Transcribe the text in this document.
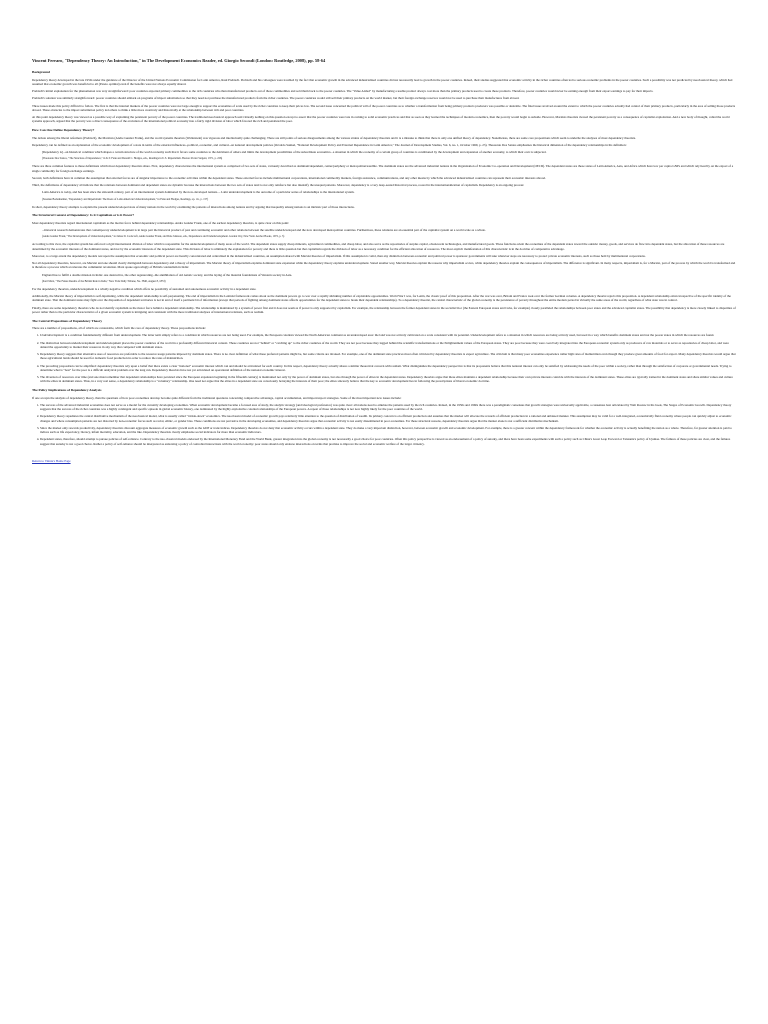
Vincent Ferraro, "Dependency Theory: An Introduction," in The Development Economics Reader, ed. Giorgio Secondi (London: Routledge, 2008), pp. 58-64
Background

Dependency theory developed in the late 1950s under the guidance of the Director of the United Nations Economic Commission for Latin America, Raul Prebisch. Prebisch and his colleagues were troubled by the fact that economic growth in the advanced industrialized countries did not necessarily lead to growth in the poorer countries. Indeed, their studies suggested that economic activity in the richer countries often led to serious economic problems in the poorer countries. Such a possibility was not predicted by neoclassical theory, which had assumed that economic growth was beneficial to all (Pareto optimal) even if the benefits were not always equally shared.

Prebisch's initial explanation for the phenomenon was very straightforward: poor countries exported primary commodities to the rich countries who then manufactured products out of those commodities and sold them back to the poorer countries. The "Value Added" by manufacturing a usable product always cost more than the primary products used to create those products. Therefore, poorer countries would never be earning enough from their export earnings to pay for their imports.

Prebisch's solution was similarly straightforward: poorer countries should embark on programs of import substitution so that they need not purchase the manufactured products from the richer countries. The poorer countries would still sell their primary products on the world market, but their foreign exchange reserves would not be used to purchase their manufactures from abroad.

Three issues made this policy difficult to follow. The first is that the internal markets of the poorer countries were not large enough to support the economies of scale used by the richer countries to keep their prices low. The second issue concerned the political will of the poorer countries as to whether a transformation from being primary products producers was possible or desirable. The final issue revolved around the extent to which the poorer countries actually had control of their primary products, particularly in the area of selling those products abroad. These obstacles to the import substitution policy led others to think a little more creatively and historically at the relationship between rich and poor countries.

At this point dependency theory was viewed as a possible way of explaining the persistent poverty of the poorer countries. The traditional neoclassical approach said virtually nothing on this question except to assert that the poorer countries were late in coming to solid economic practices and that as soon as they learned the techniques of modern economics, then the poverty would begin to subside. However, Marxists theorists viewed the persistent poverty as a consequence of capitalist exploitation. And a new body of thought, called the world systems approach, argued that the poverty was a direct consequence of the evolution of the international political economy into a fairly rigid division of labor which favored the rich and penalized the poor.

How Can One Define Dependency Theory?

The debate among the liberal reformers (Prebisch), the Marxists (Andre Gunder Frank), and the world systems theorists (Wallerstein) was vigorous and intellectually quite challenging. There are still points of serious disagreements among the various strains of dependency theorists and it is a mistake to think that there is only one unified theory of dependency. Nonetheless, there are some core propositions which seem to underlie the analyses of most dependency theorists.

Dependency can be defined as an explanation of the economic development of a state in terms of the external influences--political, economic, and cultural--on national development policies (Osvaldo Sunkel, "National Development Policy and External Dependence in Latin America," The Journal of Development Studies, Vol. 6, no. 1, October 1969, p. 23). Theotonio Dos Santos emphasizes the historical dimension of the dependency relationships in his definition:

[Dependency is]...an historical condition which shapes a certain structure of the world economy such that it favors some countries to the detriment of others and limits the development possibilities of the subordinate economics...a situation in which the economy of a certain group of countries is conditioned by the development and expansion of another economy, to which their own is subjected.

(Theotonio Dos Santos, "The Structure of Dependence," in K.T. Fann and Donald C. Hodges, eds., Readings in U.S. Imperialism. Boston: Porter Sargent, 1971, p. 226)

There are three common features to these definitions which most dependency theorists share. First, dependency characterizes the international system as comprised of two sets of states, variously described as dominant/dependent, center/periphery or metropolitan/satellite. The dominant states are the advanced industrial nations in the Organization of Economic Co-operation and Development (OECD). The dependent states are those states of Latin America, Asia, and Africa which have low per capita GNPs and which rely heavily on the export of a single commodity for foreign exchange earnings.

Second, both definitions have in common the assumption that external forces are of singular importance to the economic activities within the dependent states. These external forces include multinational corporations, international commodity markets, foreign assistance, communications, and any other means by which the advanced industrialized countries can represent their economic interests abroad.

Third, the definitions of dependency all indicate that the relations between dominant and dependent states are dynamic because the interactions between the two sets of states tend to not only reinforce but also intensify the unequal patterns. Moreover, dependency is a very deep-seated historical process, rooted in the internationalization of capitalism. Dependency is an ongoing process:

Latin America is today, and has been since the sixteenth century, part of an international system dominated by the now-developed nations.... Latin underdevelopment is the outcome of a particular series of relationships to the international system.

(Susanne Bodenheimer, "Dependency and Imperialism: The Roots of Latin American Underdevelopment," in Fann and Hodges, Readings, op. cit., p. 157)

In short, dependency theory attempts to explain the present underdeveloped state of many nations in the world by examining the patterns of interactions among nations and by arguing that inequality among nations is an intrinsic part of those interactions.

The Structural Context of Dependency: Is it Capitalism or is it Power?

Most dependency theorists regard international capitalism as the motive force behind dependency relationships. Andre Gunder Frank, one of the earliest dependency theorists, is quite clear on this point:

...historical research demonstrates that contemporary underdevelopment is in large part the historical product of past and continuing economic and other relations between the satellite underdeveloped and the now developed metropolitan countries. Furthermore, these relations are an essential part of the capitalist system on a world scale as a whole.

(Andre Gunder Frank, "The Development of Underdevelopment," in James D. Cockcroft, Andre Gunder Frank, and Dale Johnson, eds., Dependence and Underdevelopment. Garden City, New York: Anchor Books, 1972, p. 3)

According to this view, the capitalist system has enforced a rigid international division of labor which is responsible for the underdevelopment of many areas of the world. The dependent states supply cheap minerals, agricultural commodities, and cheap labor, and also serve as the repositories of surplus capital, obsolescent technologies, and manufactured goods. These functions orient the economies of the dependent states toward the outside: money, goods, and services do flow into dependent states, but the allocation of these resources are determined by the economic interests of the dominant states, and not by the economic interests of the dependent state. This division of labor is ultimately the explanation for poverty and there is little question but that capitalism regards the division of labor as a necessary condition for the efficient allocation of resources. The most explicit manifestation of this characteristic is in the doctrine of comparative advantage.

Moreover, to a large extent the dependency models rest upon the assumption that economic and political power are heavily concentrated and centralized in the industrialized countries, an assumption shared with Marxist theories of imperialism. If this assumption is valid, then any distinction between economic and political power is spurious: governments will take whatever steps are necessary to protect private economic interests, such as those held by multinational corporations.

Not all dependency theorists, however, are Marxist and one should clearly distinguish between dependency and a theory of imperialism. The Marxist theory of imperialism explains dominant state expansion while the dependency theory explains underdevelopment. Stated another way, Marxist theories explain the reasons why imperialism occurs, while dependency theories explain the consequences of imperialism. The difference is significant. In many respects, imperialism is, for a Marxist, part of the process by which the world is transformed and is therefore a process which accelerates the communist revolution. Marx spoke approvingly of British colonialism in India:

England has to fulfill a double mission in India: one destructive, the other regenerating--the annihilation of old Asiatic society, and the laying of the material foundations of Western society in Asia.

(Karl Marx, "The Future Results of the British Rule in India," New York Daily Tribune, No. 3840, August 8, 1853)

For the dependency theorists, underdevelopment is a wholly negative condition which offers no possibility of sustained and autonomous economic activity in a dependent state.

Additionally, the Marxist theory of imperialism is self-liquidating, while the dependent relationship is self-perpetuating. The end of imperialism in the Leninist framework comes about as the dominant powers go to war over a rapidly shrinking number of exploitable opportunities. World War I was, for Lenin, the classic proof of this proposition. After the war was over, Britain and France took over the former German colonies. A dependency theorist rejects this proposition. A dependent relationship exists irrespective of the specific identity of the dominant state. That the dominant states may fight over the disposition of dependent territories is not in and of itself a pertinent bit of information (except that periods of fighting among dominant states affords opportunities for the dependent states to break their dependent relationships). To a dependency theorist, the central characteristic of the global economy is the persistence of poverty throughout the entire modern period in virtually the same areas of the world, regardless of what state was in control.

Finally, there are some dependency theorists who do not identify capitalism as the motor force behind a dependent relationship. The relationship is maintained by a system of power first and it does not seem as if power is only supported by capitalism. For example, the relationship between the former dependent states in the socialist bloc (the Eastern European states and Cuba, for example) closely paralleled the relationships between poor states and the advanced capitalist states. The possibility that dependency is more closely linked to disparities of power rather than to the particular characteristics of a given economic system is intriguing and consistent with the more traditional analyses of international relations, such as realism.

The Central Propositions of Dependency Theory

There are a number of propositions, all of which are contestable, which form the core of dependency theory. These propositions include:

1. Underdevelopment is a condition fundamentally different from undevelopment. The latter term simply refers to a condition in which resources are not being used. For example, the European colonists viewed the North American continent as an undeveloped area: the land was not actively cultivated on a scale consistent with its potential. Underdevelopment refers to a situation in which resources are being actively used, but used in a way which benefits dominant states and not the poorer states in which the resources are found.
2. The distinction between underdevelopment and undevelopment places the poorer countries of the world in a profoundly different historical context. These countries are not "behind" or "catching up" to the richer countries of the world. They are not poor because they lagged behind the scientific transformations or the Enlightenment values of the European states. They are poor because they were coercively integrated into the European economic system only as producers of raw materials or to serve as repositories of cheap labor, and were denied the opportunity to market their resources in any way that competed with dominant states.
3. Dependency theory suggests that alternative uses of resources are preferable to the resource usage patterns imposed by dominant states. There is no clear definition of what these preferred patterns might be, but some criteria are invoked. For example, one of the dominant state practices most often criticized by dependency theorists is export agriculture. The criticism is that many poor economies experience rather high rates of malnutrition even though they produce great amounts of food for export. Many dependency theorists would argue that those agricultural lands should be used for domestic food production in order to reduce the rates of malnutrition.
4. The preceding proposition can be amplified: dependency theorists rely upon a belief that there exists a clear "national" economic interest which can and should be articulated for each country. In this respect, dependency theory actually shares a similar theoretical concern with realism. What distinguishes the dependency perspective is that its proponents believe that this national interest can only be satisfied by addressing the needs of the poor within a society, rather than through the satisfaction of corporate or governmental needs. Trying to determine what is "best" for the poor is a difficult analytical problem over the long run. Dependency theorists have not yet articulated an operational definition of the national economic interest.
5. The diversion of resources over time (and one must remember that dependent relationships have persisted since the European expansion beginning in the fifteenth century) is maintained not only by the power of dominant states, but also through the power of elites in the dependent states. Dependency theorists argue that these elites maintain a dependent relationship because their own private interests coincide with the interests of the dominant states. These elites are typically trained in the dominant states and share similar values and culture with the elites in dominant states. Thus, in a very real sense, a dependency relationship is a "voluntary" relationship. One need not argue that the elites in a dependent state are consciously betraying the interests of their poor; the elites sincerely believe that the key to economic development lies in following the prescriptions of liberal economic doctrine.
The Policy Implications of Dependency Analysis

If one accepts the analysis of dependency theory, then the questions of how poor economies develop become quite different from the traditional questions concerning comparative advantage, capital accumulation, and import/export strategies. Some of the most important new issues include:

1. The success of the advanced industrial economies does not serve as a model for the currently developing economies. When economic development became a focused area of study, the analytic strategy (and ideological preference) was quite clear: all nations need to emulate the patterns used by the rich countries. Indeed, in the 1950s and 1960s there was a paradigmatic consensus that growth strategies were universally applicable, a consensus best articulated by Walt Rostow in his book, The Stages of Economic Growth. Dependency theory suggests that the success of the richer countries was a highly contingent and specific episode in global economic history, one dominated by the highly exploitative colonial relationships of the European powers. A repeat of those relationships is not now highly likely for the poor countries of the world.
2. Dependency theory repudiates the central distributive mechanism of the neoclassical model, what is usually called "trickle-down" economics. The neoclassical model of economic growth pays relatively little attention to the question of distribution of wealth. Its primary concern is on efficient production and assumes that the market will allocate the rewards of efficient production in a rational and unbiased manner. This assumption may be valid for a well-integrated, economically fluid economy where people can quickly adjust to economic changes and where consumption patterns are not distorted by non-economic forces such as racial, ethnic, or gender bias. These conditions are not pervasive in the developing economies, and dependency theorists argue that economic activity is not easily disseminated in poor economies. For these structural reasons, dependency theorists argue that the market alone is not a sufficient distributive mechanism.
3. Since the market only rewards productivity, dependency theorists discount aggregate measures of economic growth such as the GDP or trade indices. Dependency theorists do not deny that economic activity occurs within a dependent state. They do make a very important distinction, however, between economic growth and economic development. For example, there is a greater concern within the dependency framework for whether the economic activity is actually benefiting the nation as a whole. Therefore, far greater attention is paid to indices such as life expectancy, literacy, infant mortality, education, and the like. Dependency theorists clearly emphasize social indicators far more than economic indicators.
4. Dependent states, therefore, should attempt to pursue policies of self-reliance. Contrary to the neo-classical models endorsed by the International Monetary Fund and the World Bank, greater integration into the global economy is not necessarily a good choice for poor countries. Often this policy perspective is viewed as an endorsement of a policy of autarky, and there have been some experiments with such a policy such as China's Great Leap Forward or Tanzania's policy of Ujamaa. The failures of these policies are clear, and the failures suggest that autarky is not a good choice. Rather a policy of self-reliance should be interpreted as endorsing a policy of controlled interactions with the world economy: poor states should only endorse interactions on terms that promise to improve the social and economic welfare of the larger citizenry.
Return to Vinnie's Home Page
